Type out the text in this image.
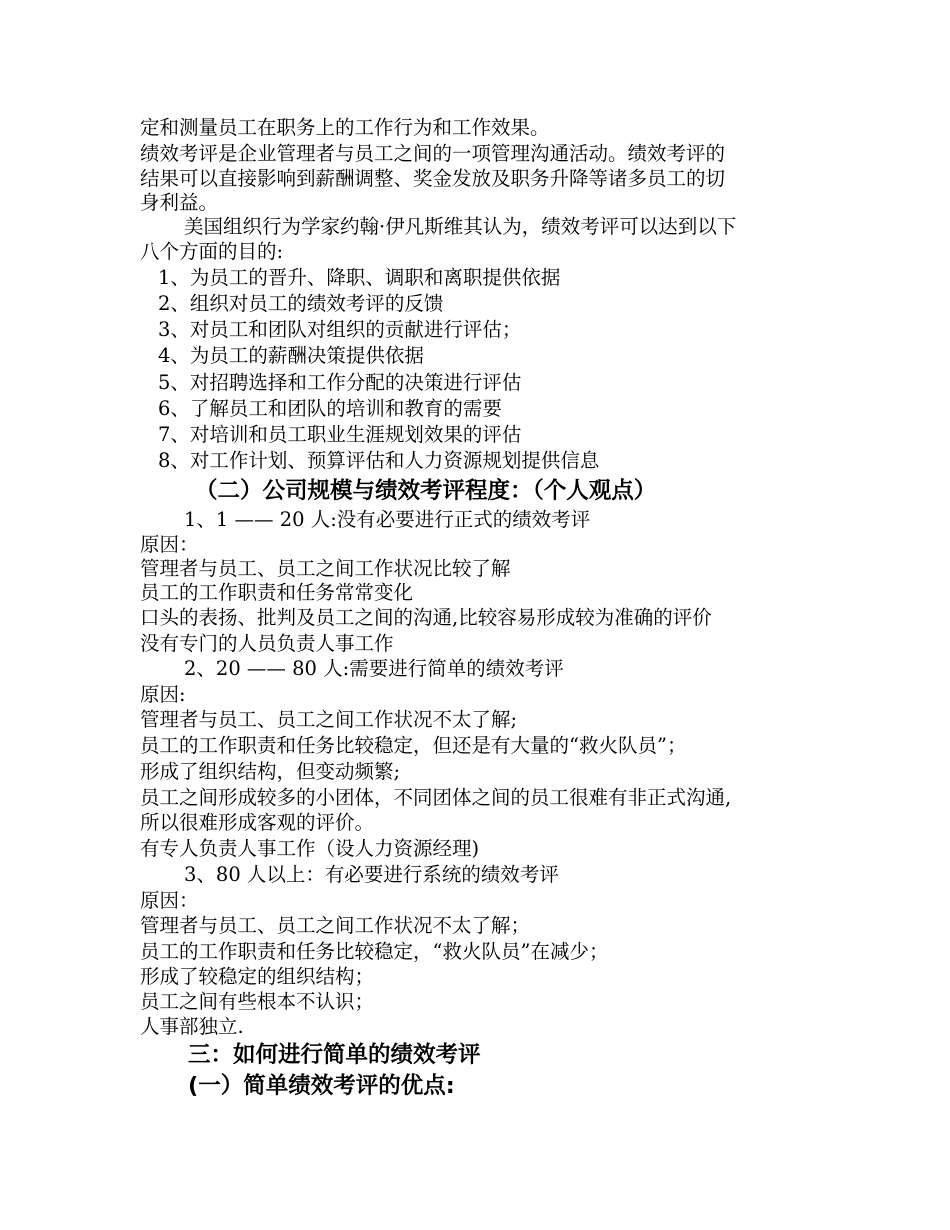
定和测量员工在职务上的工作行为和工作效果。

绩效考评是企业管理者与员工之间的一项管理沟通活动。绩效考评的

结果可以直接影响到薪酬调整、奖金发放及职务升降等诸多员工的切

身利益。

美国组织行为学家约翰·伊凡斯维其认为，绩效考评可以达到以下

八个方面的目的:

1、为员工的晋升、降职、调职和离职提供依据

2、组织对员工的绩效考评的反馈

3、对员工和团队对组织的贡献进行评估；

4、为员工的薪酬决策提供依据

5、对招聘选择和工作分配的决策进行评估

6、了解员工和团队的培训和教育的需要

7、对培训和员工职业生涯规划效果的评估

8、对工作计划、预算评估和人力资源规划提供信息

（二）公司规模与绩效考评程度：（个人观点）

1、1 —— 20 人:没有必要进行正式的绩效考评

原因：

管理者与员工、员工之间工作状况比较了解

员工的工作职责和任务常常变化

口头的表扬、批判及员工之间的沟通,比较容易形成较为准确的评价

没有专门的人员负责人事工作

2、20 —— 80 人:需要进行简单的绩效考评

原因:

管理者与员工、员工之间工作状况不太了解;

员工的工作职责和任务比较稳定，但还是有大量的“救火队员”；

形成了组织结构，但变动频繁;

员工之间形成较多的小团体，不同团体之间的员工很难有非正式沟通,

所以很难形成客观的评价。

有专人负责人事工作（设人力资源经理)

3、80 人以上：有必要进行系统的绩效考评

原因：

管理者与员工、员工之间工作状况不太了解；

员工的工作职责和任务比较稳定，“救火队员”在减少；

形成了较稳定的组织结构；

员工之间有些根本不认识；

人事部独立.

三：如何进行简单的绩效考评

(一）简单绩效考评的优点:
